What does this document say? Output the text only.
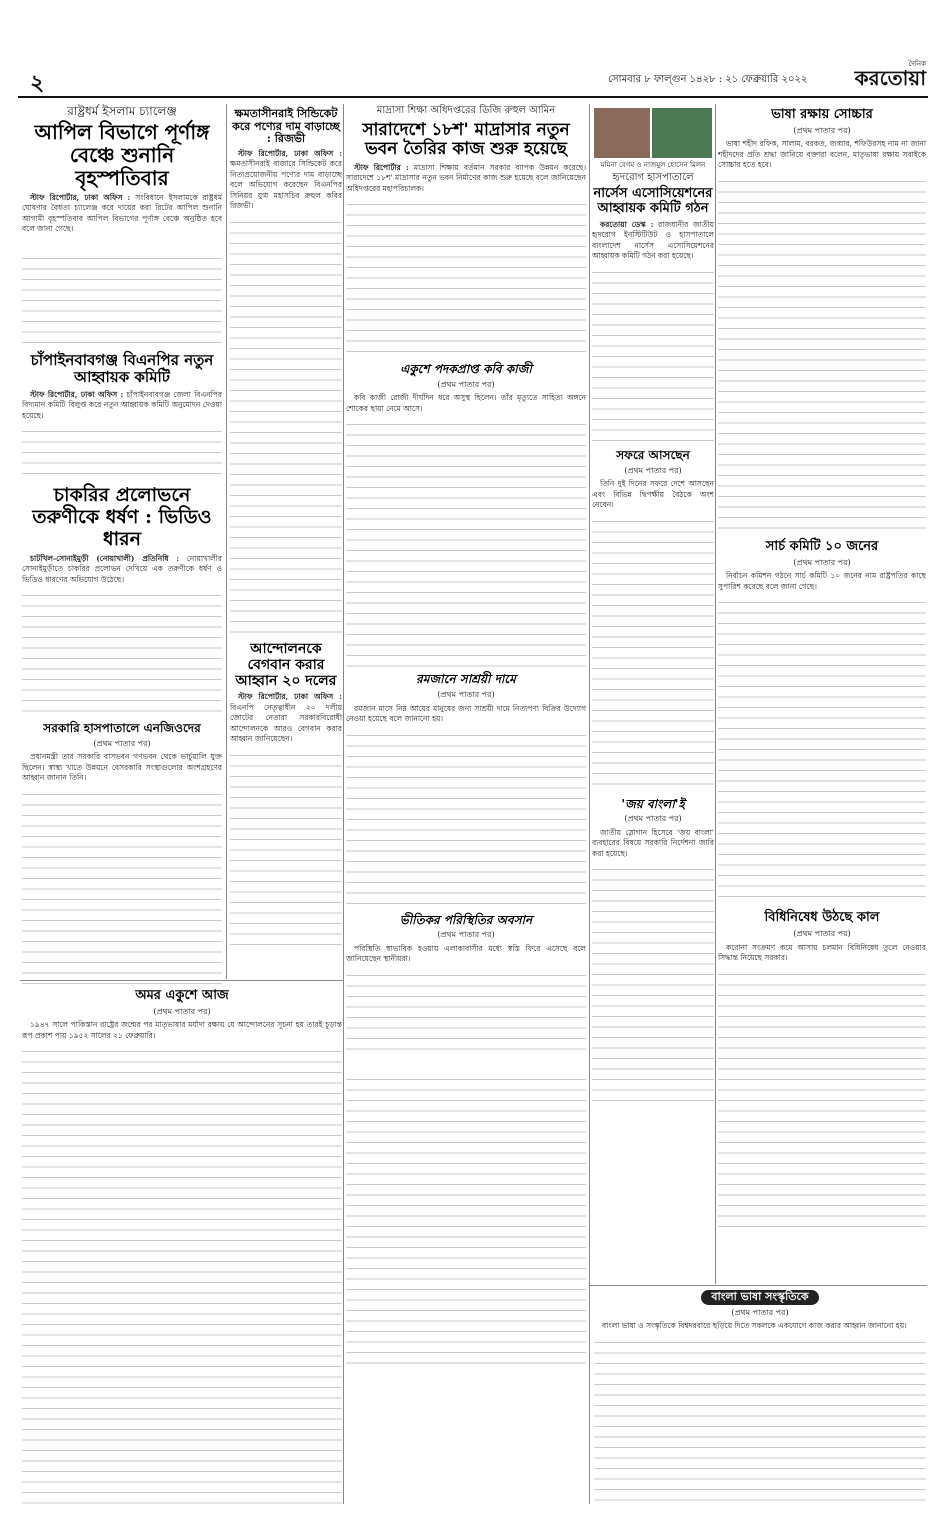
২	সোমবার ৮ ফাল্গুন ১৪২৮ : ২১ ফেব্রুয়ারি ২০২২
দৈনিক
করতোয়া
রাষ্ট্রধর্ম ইসলাম চ্যালেঞ্জ
আপিল বিভাগে পূর্ণাঙ্গ বেঞ্চে শুনানি বৃহস্পতিবার
স্টাফ রিপোর্টার, ঢাকা অফিস : সংবিধানে ইসলামকে রাষ্ট্রধর্ম ঘোষণার বৈধতা চ্যালেঞ্জ করে দায়ের করা রিটের আপিল শুনানি আগামী বৃহস্পতিবার আপিল বিভাগের পূর্ণাঙ্গ বেঞ্চে অনুষ্ঠিত হবে বলে জানা গেছে।

চাঁপাইনবাবগঞ্জ বিএনপির নতুন আহ্বায়ক কমিটি
স্টাফ রিপোর্টার, ঢাকা অফিস : চাঁপাইনবাবগঞ্জ জেলা বিএনপির বিদ্যমান কমিটি বিলুপ্ত করে নতুন আহ্বায়ক কমিটি অনুমোদন দেওয়া হয়েছে।
চাকরির প্রলোভনে তরুণীকে ধর্ষণ : ভিডিও ধারন
চাটখিল-সোনাইমুড়ী (নোয়াখালী) প্রতিনিধি : নোয়াখালীর সোনাইমুড়ীতে চাকরির প্রলোভন দেখিয়ে এক তরুণীকে ধর্ষণ ও ভিডিও ধারণের অভিযোগ উঠেছে।
সরকারি হাসপাতালে এনজিওদের
(প্রথম পাতার পর)
প্রধানমন্ত্রী তার সরকারি বাসভবন গণভবন থেকে ভার্চুয়ালি যুক্ত ছিলেন। স্বাস্থ্য খাতে উন্নয়নে বেসরকারি সংস্থাগুলোর অংশগ্রহণের আহ্বান জানান তিনি।
অমর একুশে আজ
(প্রথম পাতার পর)
১৯৪৭ সালে পাকিস্তান রাষ্ট্রের জন্মের পর মাতৃভাষার মর্যাদা রক্ষায় যে আন্দোলনের সূচনা হয় তারই চূড়ান্ত রূপ প্রকাশ পায় ১৯৫২ সালের ২১ ফেব্রুয়ারি।
ক্ষমতাসীনরাই সিন্ডিকেট করে পণ্যের দাম বাড়াচ্ছে : রিজভী
স্টাফ রিপোর্টার, ঢাকা অফিস : ক্ষমতাসীনরাই বাজারে সিন্ডিকেট করে নিত্যপ্রয়োজনীয় পণ্যের দাম বাড়াচ্ছে বলে অভিযোগ করেছেন বিএনপির সিনিয়র যুগ্ম মহাসচিব রুহুল কবির রিজভী।
আন্দোলনকে বেগবান করার আহ্বান ২০ দলের
স্টাফ রিপোর্টার, ঢাকা অফিস : বিএনপি নেতৃত্বাধীন ২০ দলীয় জোটের নেতারা সরকারবিরোধী আন্দোলনকে আরও বেগবান করার আহ্বান জানিয়েছেন।
মাদ্রাসা শিক্ষা অধিদপ্তরের ডিজি রুহুল আমিন
সারাদেশে ১৮শ' মাদ্রাসার নতুন ভবন তৈরির কাজ শুরু হয়েছে
স্টাফ রিপোর্টার : মাদ্রাসা শিক্ষায় বর্তমান সরকার ব্যাপক উন্নয়ন করেছে। সারাদেশে ১৮শ' মাদ্রাসার নতুন ভবন নির্মাণের কাজ শুরু হয়েছে বলে জানিয়েছেন অধিদপ্তরের মহাপরিচালক।
একুশে পদকপ্রাপ্ত কবি কাজী
(প্রথম পাতার পর)
কবি কাজী রোজী দীর্ঘদিন ধরে অসুস্থ ছিলেন। তাঁর মৃত্যুতে সাহিত্য অঙ্গনে শোকের ছায়া নেমে আসে।
রমজানে সাশ্রয়ী দামে
(প্রথম পাতার পর)
রমজান মাসে নিম্ন আয়ের মানুষের জন্য সাশ্রয়ী দামে নিত্যপণ্য বিক্রির উদ্যোগ নেওয়া হয়েছে বলে জানানো হয়।
ভীতিকর পরিস্থিতির অবসান
(প্রথম পাতার পর)
পরিস্থিতি স্বাভাবিক হওয়ায় এলাকাবাসীর মধ্যে স্বস্তি ফিরে এসেছে বলে জানিয়েছেন স্থানীয়রা।
মমিনা বেগম ও নাজমুল হোসেন মিলন
হৃদরোগ হাসপাতালে
নার্সেস এসোসিয়েশনের আহ্বায়ক কমিটি গঠন
করতোয়া ডেস্ক : রাজধানীর জাতীয় হৃদরোগ ইনস্টিটিউট ও হাসপাতালে বাংলাদেশ নার্সেস এসোসিয়েশনের আহ্বায়ক কমিটি গঠন করা হয়েছে।
সফরে আসছেন
(প্রথম পাতার পর)
তিনি দুই দিনের সফরে দেশে আসছেন এবং বিভিন্ন দ্বিপক্ষীয় বৈঠকে অংশ নেবেন।
'জয় বাংলা'ই
(প্রথম পাতার পর)
জাতীয় স্লোগান হিসেবে 'জয় বাংলা' ব্যবহারের বিষয়ে সরকারি নির্দেশনা জারি করা হয়েছে।
ভাষা রক্ষায় সোচ্চার
(প্রথম পাতার পর)
ভাষা শহীদ রফিক, সালাম, বরকত, জব্বার, শফিউরসহ নাম না জানা শহীদদের প্রতি শ্রদ্ধা জানিয়ে বক্তারা বলেন, মাতৃভাষা রক্ষায় সবাইকে সোচ্চার হতে হবে।
সার্চ কমিটি ১০ জনের
(প্রথম পাতার পর)
নির্বাচন কমিশন গঠনে সার্চ কমিটি ১০ জনের নাম রাষ্ট্রপতির কাছে সুপারিশ করেছে বলে জানা গেছে।
বিধিনিষেধ উঠছে কাল
(প্রথম পাতার পর)
করোনা সংক্রমণ কমে আসায় চলমান বিধিনিষেধ তুলে নেওয়ার সিদ্ধান্ত নিয়েছে সরকার।
বাংলা ভাষা সংস্কৃতিকে
(প্রথম পাতার পর)
বাংলা ভাষা ও সংস্কৃতিকে বিশ্বদরবারে ছড়িয়ে দিতে সকলকে একযোগে কাজ করার আহ্বান জানানো হয়।
